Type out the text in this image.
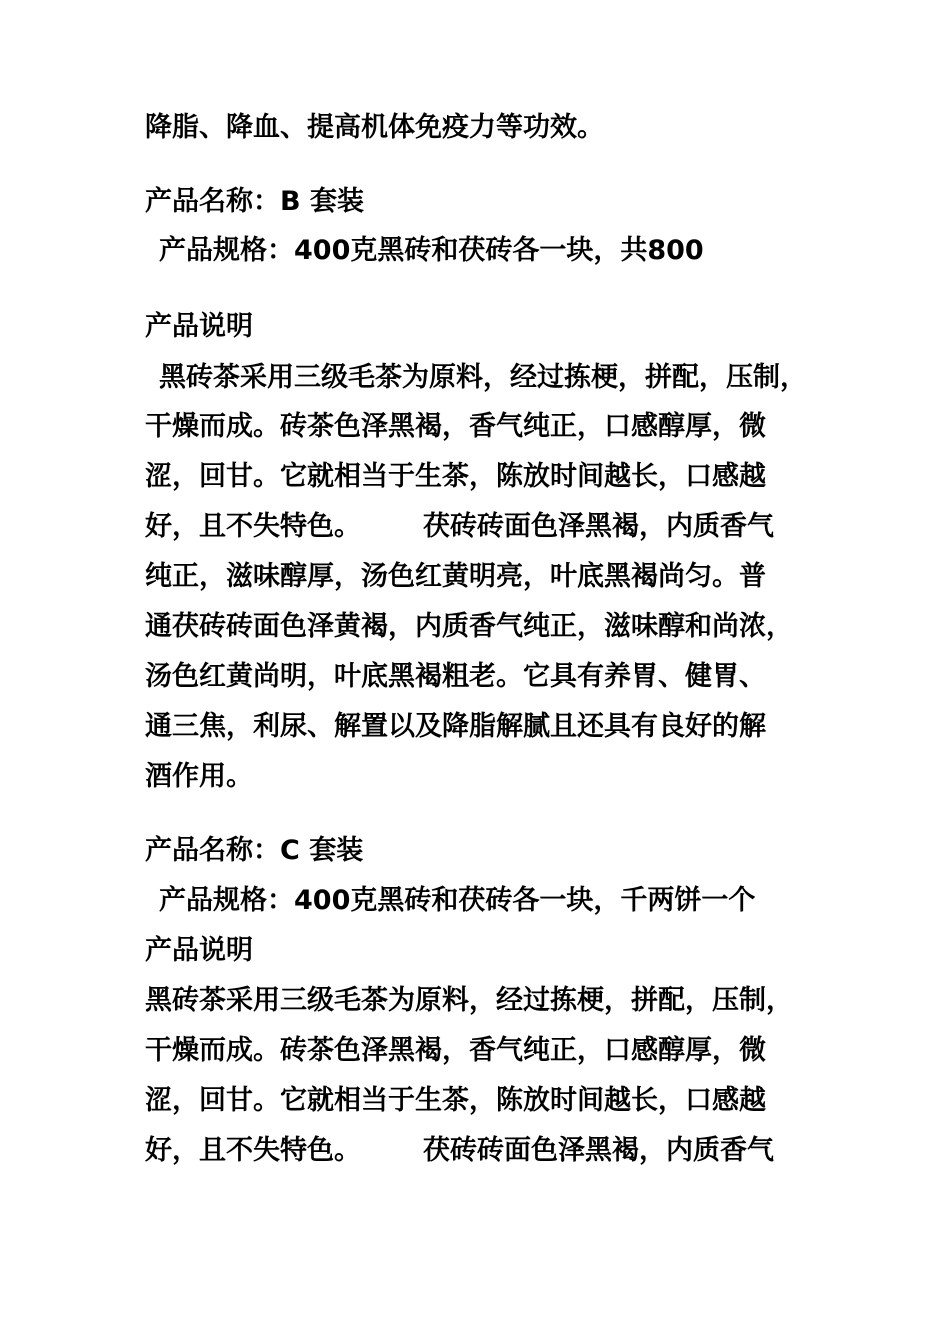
降脂、降血、提高机体免疫力等功效。
产品名称：B 套装
产品规格：400克黑砖和茯砖各一块，共800
产品说明
黑砖茶采用三级毛茶为原料，经过拣梗，拼配，压制，
干燥而成。砖茶色泽黑褐，香气纯正，口感醇厚，微
涩，回甘。它就相当于生茶，陈放时间越长，口感越
好，且不失特色。 茯砖砖面色泽黑褐，内质香气
纯正，滋味醇厚，汤色红黄明亮，叶底黑褐尚匀。普
通茯砖砖面色泽黄褐，内质香气纯正，滋味醇和尚浓，
汤色红黄尚明，叶底黑褐粗老。它具有养胃、健胃、
通三焦，利尿、解置以及降脂解腻且还具有良好的解
酒作用。
产品名称：C 套装
产品规格：400克黑砖和茯砖各一块，千两饼一个
产品说明
黑砖茶采用三级毛茶为原料，经过拣梗，拼配，压制，
干燥而成。砖茶色泽黑褐，香气纯正，口感醇厚，微
涩，回甘。它就相当于生茶，陈放时间越长，口感越
好，且不失特色。 茯砖砖面色泽黑褐，内质香气
